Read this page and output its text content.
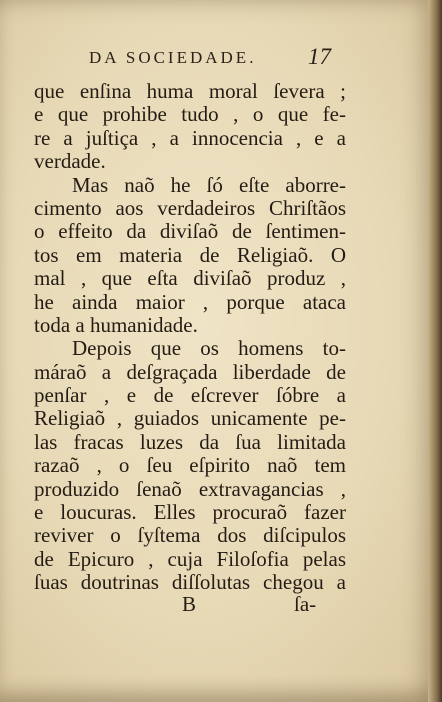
DA SOCIEDADE. 17
que enſina huma moral ſevera ;
e que prohibe tudo , o que fe-
re a juſtiça , a innocencia , e a
verdade.
Mas naõ he ſó eſte aborre-
cimento aos verdadeiros Chriſtãos
o effeito da diviſaõ de ſentimen-
tos em materia de Religiaõ. O
mal , que eſta diviſaõ produz ,
he ainda maior , porque ataca
toda a humanidade.
Depois que os homens to-
máraõ a deſgraçada liberdade de
penſar , e de eſcrever ſóbre a
Religiaõ , guiados unicamente pe-
las fracas luzes da ſua limitada
razaõ , o ſeu eſpirito naõ tem
produzido ſenaõ extravagancias ,
e loucuras. Elles procuraõ fazer
reviver o ſyſtema dos diſcipulos
de Epicuro , cuja Filoſofia pelas
ſuas doutrinas diſſolutas chegou a
B	ſa-
